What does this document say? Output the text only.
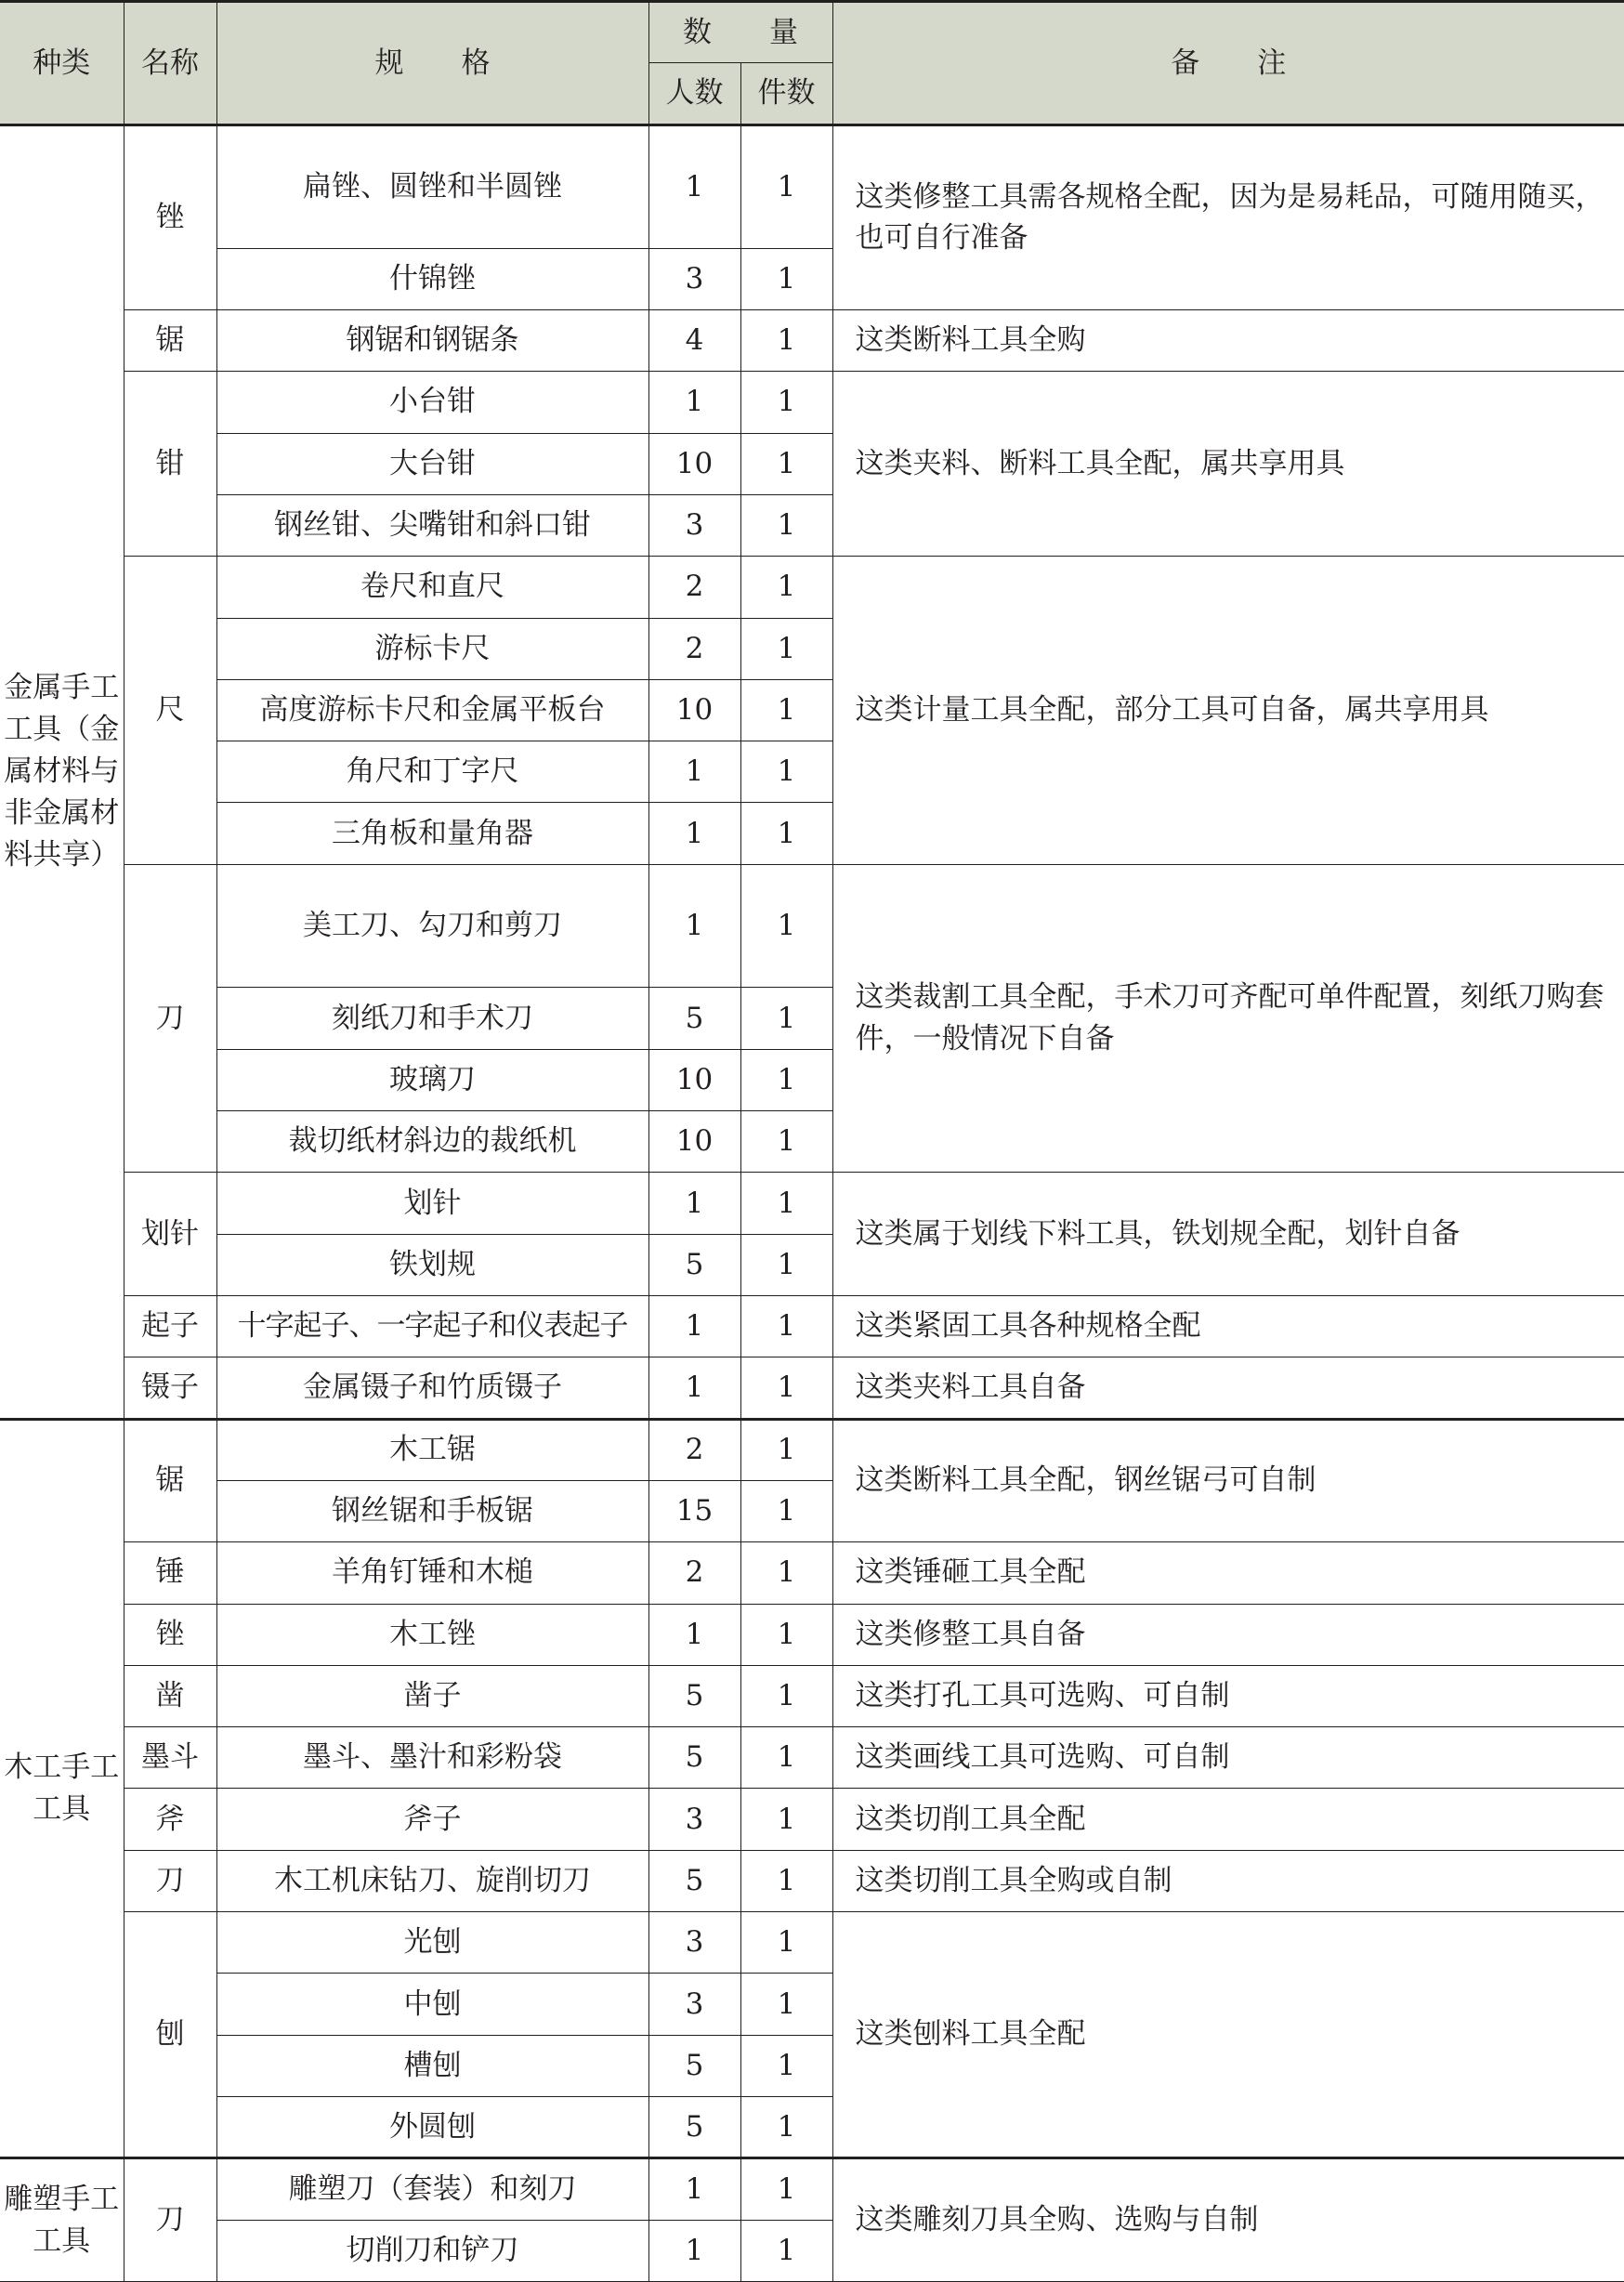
种类	名称	规　　格	数　　量		备　　注
			人数	件数	
金属手工工具（金属材料与非金属材料共享）	锉	扁锉、圆锉和半圆锉	1	1	这类修整工具需各规格全配，因为是易耗品，可随用随买，也可自行准备
		什锦锉	3	1	
	锯	钢锯和钢锯条	4	1	这类断料工具全购
	钳	小台钳	1	1	这类夹料、断料工具全配，属共享用具
		大台钳	10	1	
		钢丝钳、尖嘴钳和斜口钳	3	1	
	尺	卷尺和直尺	2	1	这类计量工具全配，部分工具可自备，属共享用具
		游标卡尺	2	1	
		高度游标卡尺和金属平板台	10	1	
		角尺和丁字尺	1	1	
		三角板和量角器	1	1	
	刀	美工刀、勾刀和剪刀	1	1	这类裁割工具全配，手术刀可齐配可单件配置，刻纸刀购套件，一般情况下自备
		刻纸刀和手术刀	5	1	
		玻璃刀	10	1	
		裁切纸材斜边的裁纸机	10	1	
	划针	划针	1	1	这类属于划线下料工具，铁划规全配，划针自备
		铁划规	5	1	
	起子	十字起子、一字起子和仪表起子	1	1	这类紧固工具各种规格全配
	镊子	金属镊子和竹质镊子	1	1	这类夹料工具自备
木工手工工具	锯	木工锯	2	1	这类断料工具全配，钢丝锯弓可自制
		钢丝锯和手板锯	15	1	
	锤	羊角钉锤和木槌	2	1	这类锤砸工具全配
	锉	木工锉	1	1	这类修整工具自备
	凿	凿子	5	1	这类打孔工具可选购、可自制
	墨斗	墨斗、墨汁和彩粉袋	5	1	这类画线工具可选购、可自制
	斧	斧子	3	1	这类切削工具全配
	刀	木工机床钻刀、旋削切刀	5	1	这类切削工具全购或自制
	刨	光刨	3	1	这类刨料工具全配
		中刨	3	1	
		槽刨	5	1	
		外圆刨	5	1	
雕塑手工工具	刀	雕塑刀（套装）和刻刀	1	1	这类雕刻刀具全购、选购与自制
		切削刀和铲刀	1	1	
